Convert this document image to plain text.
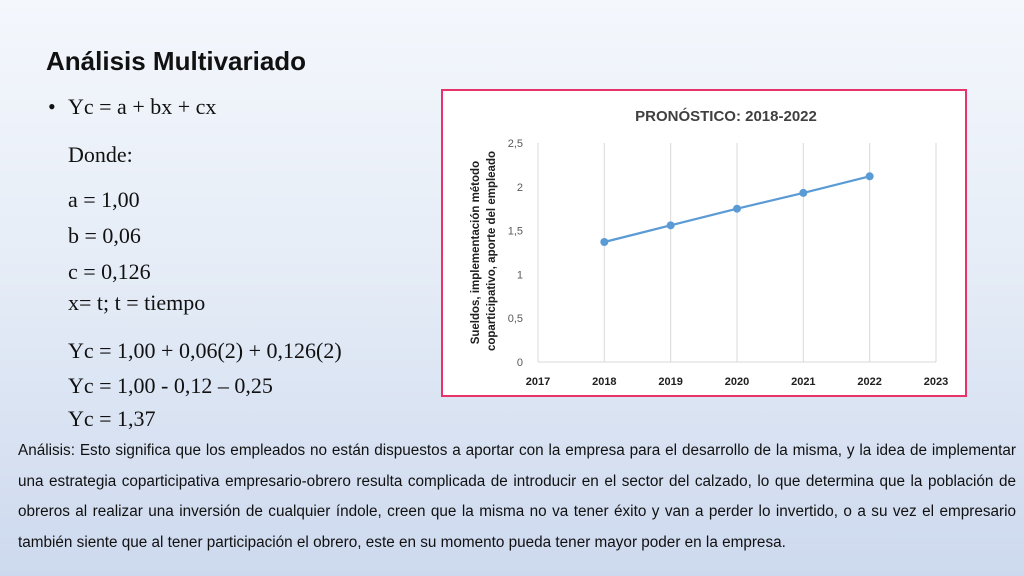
Análisis Multivariado
• Yc = a + bx + cx
Donde:
a = 1,00
b = 0,06
c = 0,126
x= t; t = tiempo
Yc = 1,00 + 0,06(2) + 0,126(2)
Yc = 1,00 - 0,12 – 0,25
Yc = 1,37
PRONÓSTICO: 2018-2022
Sueldos, implementación método coparticipativo, aporte del empleado
2017	2018	2019	2020	2021	2022	2023
0
0,5
1
1,5
2
2,5
Análisis: Esto significa que los empleados no están dispuestos a aportar con la empresa para el desarrollo de la misma, y la idea de implementar una estrategia coparticipativa empresario-obrero resulta complicada de introducir en el sector del calzado, lo que determina que la población de obreros al realizar una inversión de cualquier índole, creen que la misma no va tener éxito y van a perder lo invertido, o a su vez el empresario también siente que al tener participación el obrero, este en su momento pueda tener mayor poder en la empresa.
